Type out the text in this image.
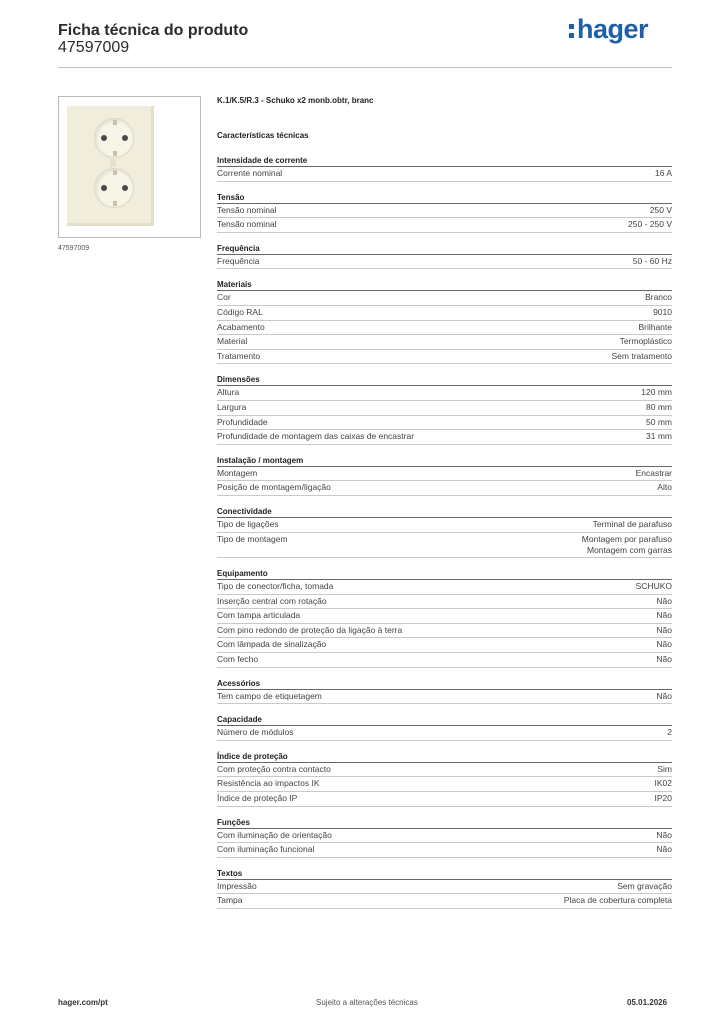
Ficha técnica do produto
47597009
hager
47597009
K.1/K.5/R.3 - Schuko x2 monb.obtr, branc
Características técnicas
Intensidade de corrente
Corrente nominal	16 A
Tensão
Tensão nominal	250 V
Tensão nominal	250 - 250 V
Frequência
Frequência	50 - 60 Hz
Materiais
Cor	Branco
Código RAL	9010
Acabamento	Brilhante
Material	Termoplástico
Tratamento	Sem tratamento
Dimensões
Altura	120 mm
Largura	80 mm
Profundidade	50 mm
Profundidade de montagem das caixas de encastrar	31 mm
Instalação / montagem
Montagem	Encastrar
Posição de montagem/ligação	Alto
Conectividade
Tipo de ligações	Terminal de parafuso
Tipo de montagem	Montagem por parafuso
Montagem com garras
Equipamento
Tipo de conector/ficha, tomada	SCHUKO
Inserção central com rotação	Não
Com tampa articulada	Não
Com pino redondo de proteção da ligação à terra	Não
Com lâmpada de sinalização	Não
Com fecho	Não
Acessórios
Tem campo de etiquetagem	Não
Capacidade
Número de módulos	2
Índice de proteção
Com proteção contra contacto	Sim
Resistência ao impactos IK	IK02
Índice de proteção IP	IP20
Funções
Com iluminação de orientação	Não
Com iluminação funcional	Não
Textos
Impressão	Sem gravação
Tampa	Placa de cobertura completa
hager.com/pt	Sujeito a alterações técnicas	05.01.2026
